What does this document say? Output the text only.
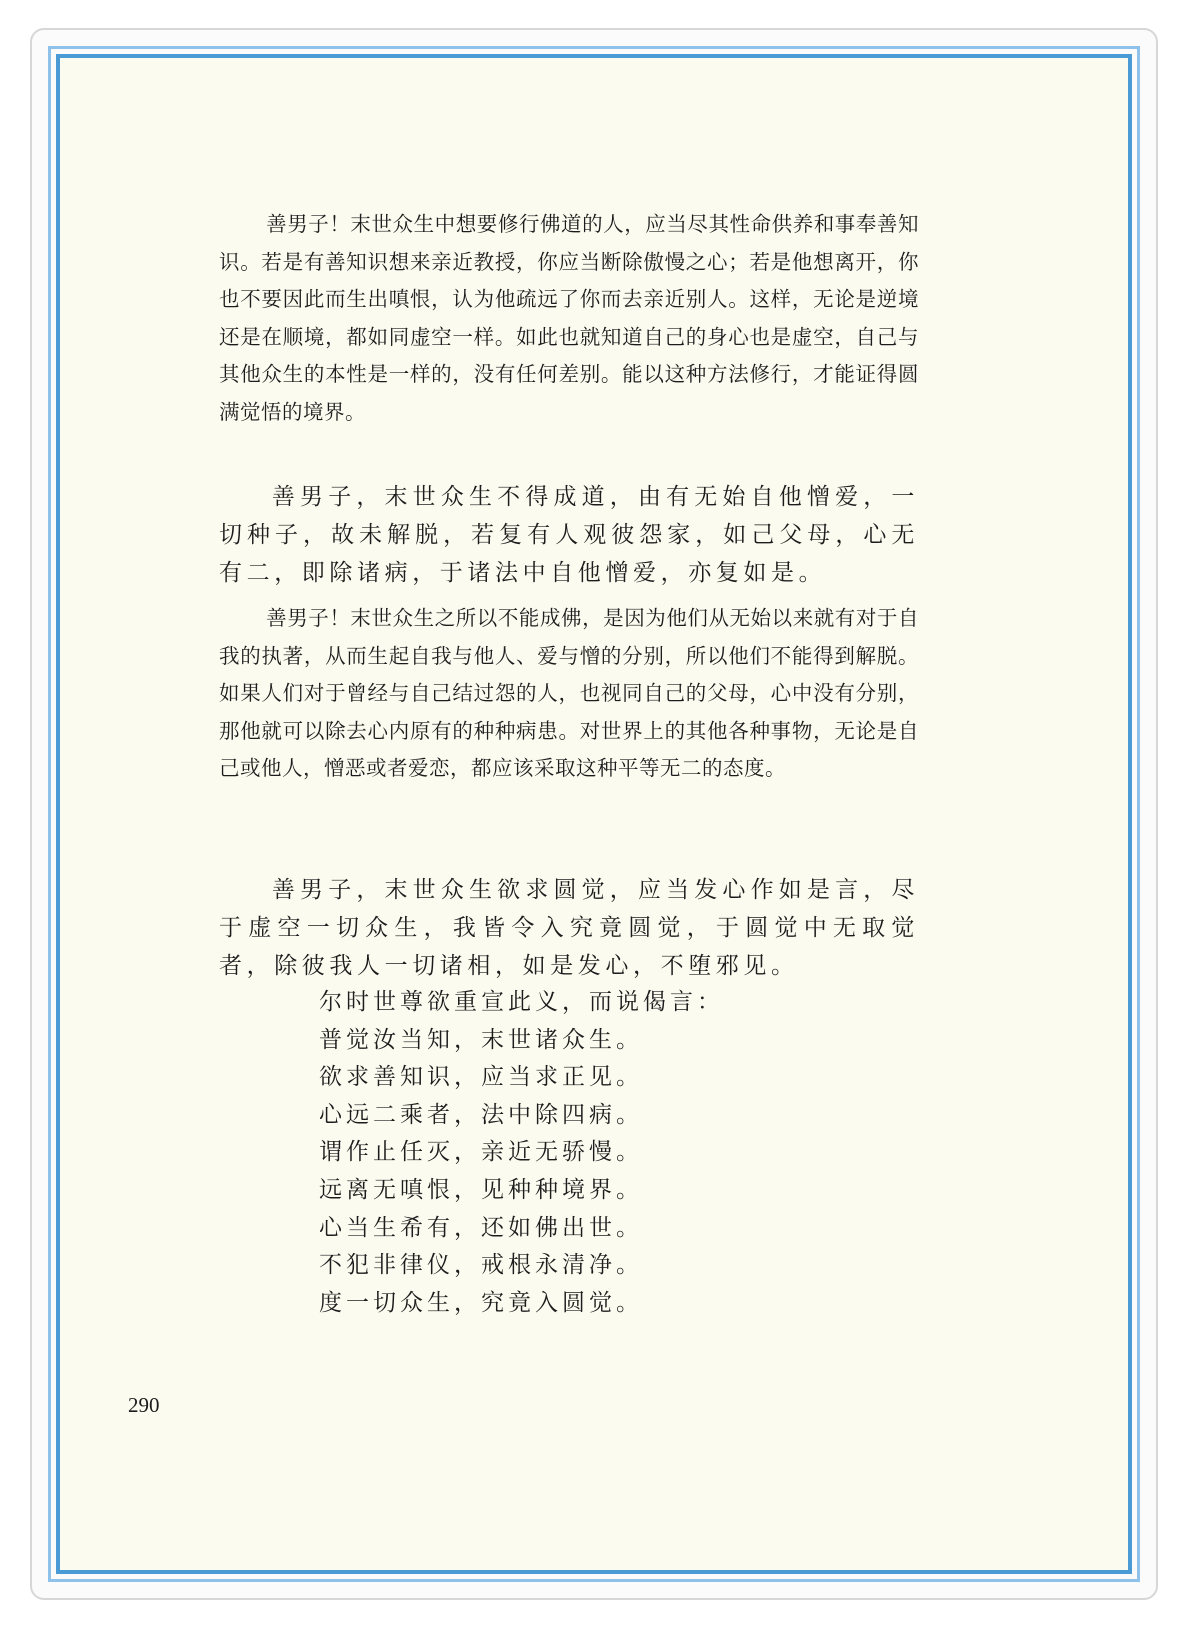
善男子！末世众生中想要修行佛道的人，应当尽其性命供养和事奉善知识。若是有善知识想来亲近教授，你应当断除傲慢之心；若是他想离开，你也不要因此而生出嗔恨，认为他疏远了你而去亲近别人。这样，无论是逆境还是在顺境，都如同虚空一样。如此也就知道自己的身心也是虚空，自己与其他众生的本性是一样的，没有任何差别。能以这种方法修行，才能证得圆满觉悟的境界。

善男子，末世众生不得成道，由有无始自他憎爱，一切种子，故未解脱，若复有人观彼怨家，如己父母，心无有二，即除诸病，于诸法中自他憎爱，亦复如是。

善男子！末世众生之所以不能成佛，是因为他们从无始以来就有对于自我的执著，从而生起自我与他人、爱与憎的分别，所以他们不能得到解脱。如果人们对于曾经与自己结过怨的人，也视同自己的父母，心中没有分别，那他就可以除去心内原有的种种病患。对世界上的其他各种事物，无论是自己或他人，憎恶或者爱恋，都应该采取这种平等无二的态度。

善男子，末世众生欲求圆觉，应当发心作如是言，尽于虚空一切众生，我皆令入究竟圆觉，于圆觉中无取觉者，除彼我人一切诸相，如是发心，不堕邪见。

尔时世尊欲重宣此义，而说偈言：
普觉汝当知，末世诸众生。
欲求善知识，应当求正见。
心远二乘者，法中除四病。
谓作止任灭，亲近无骄慢。
远离无嗔恨，见种种境界。
心当生希有，还如佛出世。
不犯非律仪，戒根永清净。
度一切众生，究竟入圆觉。
290
